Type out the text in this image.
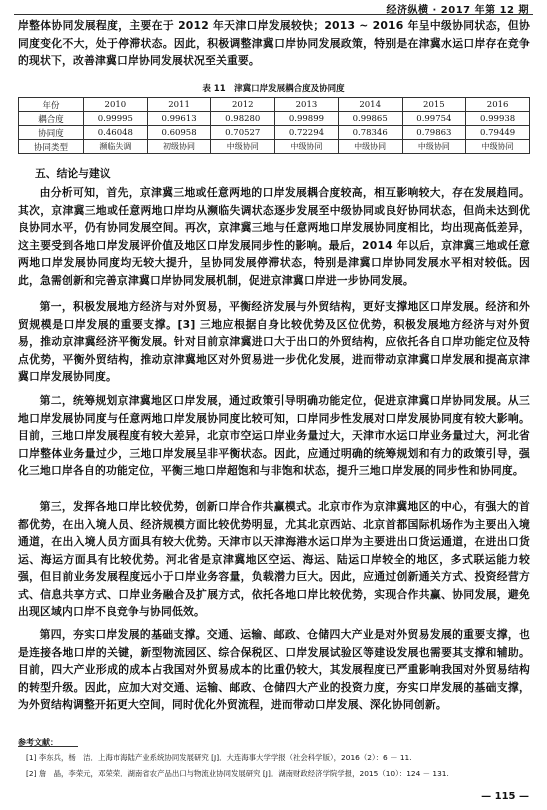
经济纵横 · 2017 年第 12 期
岸整体协同发展程度，主要在于 2012 年天津口岸发展较快；2013 ~ 2016 年呈中级协同状态，但协同度变化不大，处于停滞状态。因此，积极调整津冀口岸协同发展政策，特别是在津冀水运口岸存在竞争的现状下，改善津冀口岸协同发展状况至关重要。
表 11　津冀口岸发展耦合度及协同度
年份	2010	2011	2012	2013	2014	2015	2016
耦合度	0.99995	0.99613	0.98280	0.99899	0.99865	0.99754	0.99938
协同度	0.46048	0.60958	0.70527	0.72294	0.78346	0.79863	0.79449
协同类型	濒临失调	初级协同	中级协同	中级协同	中级协同	中级协同	中级协同
五、结论与建议
由分析可知，首先，京津冀三地或任意两地的口岸发展耦合度较高，相互影响较大，存在发展趋同。其次，京津冀三地或任意两地口岸均从濒临失调状态逐步发展至中级协同或良好协同状态，但尚未达到优良协同水平，仍有协同发展空间。再次，京津冀三地与任意两地口岸发展协同度相比，均出现高低差异，这主要受到各地口岸发展评价值及地区口岸发展同步性的影响。最后，2014 年以后，京津冀三地或任意两地口岸发展协同度均无较大提升，呈协同发展停滞状态，特别是津冀口岸协同发展水平相对较低。因此，急需创新和完善京津冀口岸协同发展机制，促进京津冀口岸进一步协同发展。
第一，积极发展地方经济与对外贸易，平衡经济发展与外贸结构，更好支撑地区口岸发展。经济和外贸规模是口岸发展的重要支撑。[3] 三地应根据自身比较优势及区位优势，积极发展地方经济与对外贸易，推动京津冀经济平衡发展。针对目前京津冀进口大于出口的外贸结构，应依托各自口岸功能定位及特点优势，平衡外贸结构，推动京津冀地区对外贸易进一步优化发展，进而带动京津冀口岸发展和提高京津冀口岸发展协同度。
第二，统筹规划京津冀地区口岸发展，通过政策引导明确功能定位，促进京津冀口岸协同发展。从三地口岸发展协同度与任意两地口岸发展协同度比较可知，口岸同步性发展对口岸发展协同度有较大影响。目前，三地口岸发展程度有较大差异，北京市空运口岸业务量过大，天津市水运口岸业务量过大，河北省口岸整体业务量过少，三地口岸发展呈非平衡状态。因此，应通过明确的统筹规划和有力的政策引导，强化三地口岸各自的功能定位，平衡三地口岸超饱和与非饱和状态，提升三地口岸发展的同步性和协同度。
第三，发挥各地口岸比较优势，创新口岸合作共赢模式。北京市作为京津冀地区的中心，有强大的首都优势，在出入境人员、经济规模方面比较优势明显，尤其北京西站、北京首都国际机场作为主要出入境通道，在出入境人员方面具有较大优势。天津市以天津海港水运口岸为主要进出口货运通道，在进出口货运、海运方面具有比较优势。河北省是京津冀地区空运、海运、陆运口岸较全的地区，多式联运能力较强，但目前业务发展程度远小于口岸业务容量，负载潜力巨大。因此，应通过创新通关方式、投资经营方式、信息共享方式、口岸业务融合及扩展方式，依托各地口岸比较优势，实现合作共赢、协同发展，避免出现区域内口岸不良竞争与协同低效。
第四，夯实口岸发展的基础支撑。交通、运输、邮政、仓储四大产业是对外贸易发展的重要支撑，也是连接各地口岸的关键，新型物流园区、综合保税区、口岸发展试验区等建设发展也需要其支撑和辅助。目前，四大产业形成的成本占我国对外贸易成本的比重仍较大，其发展程度已严重影响我国对外贸易结构的转型升级。因此，应加大对交通、运输、邮政、仓储四大产业的投资力度，夯实口岸发展的基础支撑，为外贸结构调整开拓更大空间，同时优化外贸流程，进而带动口岸发展、深化协同创新。
参考文献：
[1] 李东兵，杨　洁．上海市海陆产业系统协同发展研究 [J]．大连海事大学学报（社会科学版），2016（2）：6 － 11.
[2] 詹　晶，李荣元，邓荣荣．湖南省农产品出口与物流业协同发展研究 [J]．湖南财政经济学院学报，2015（10）：124 － 131.
— 115 —
